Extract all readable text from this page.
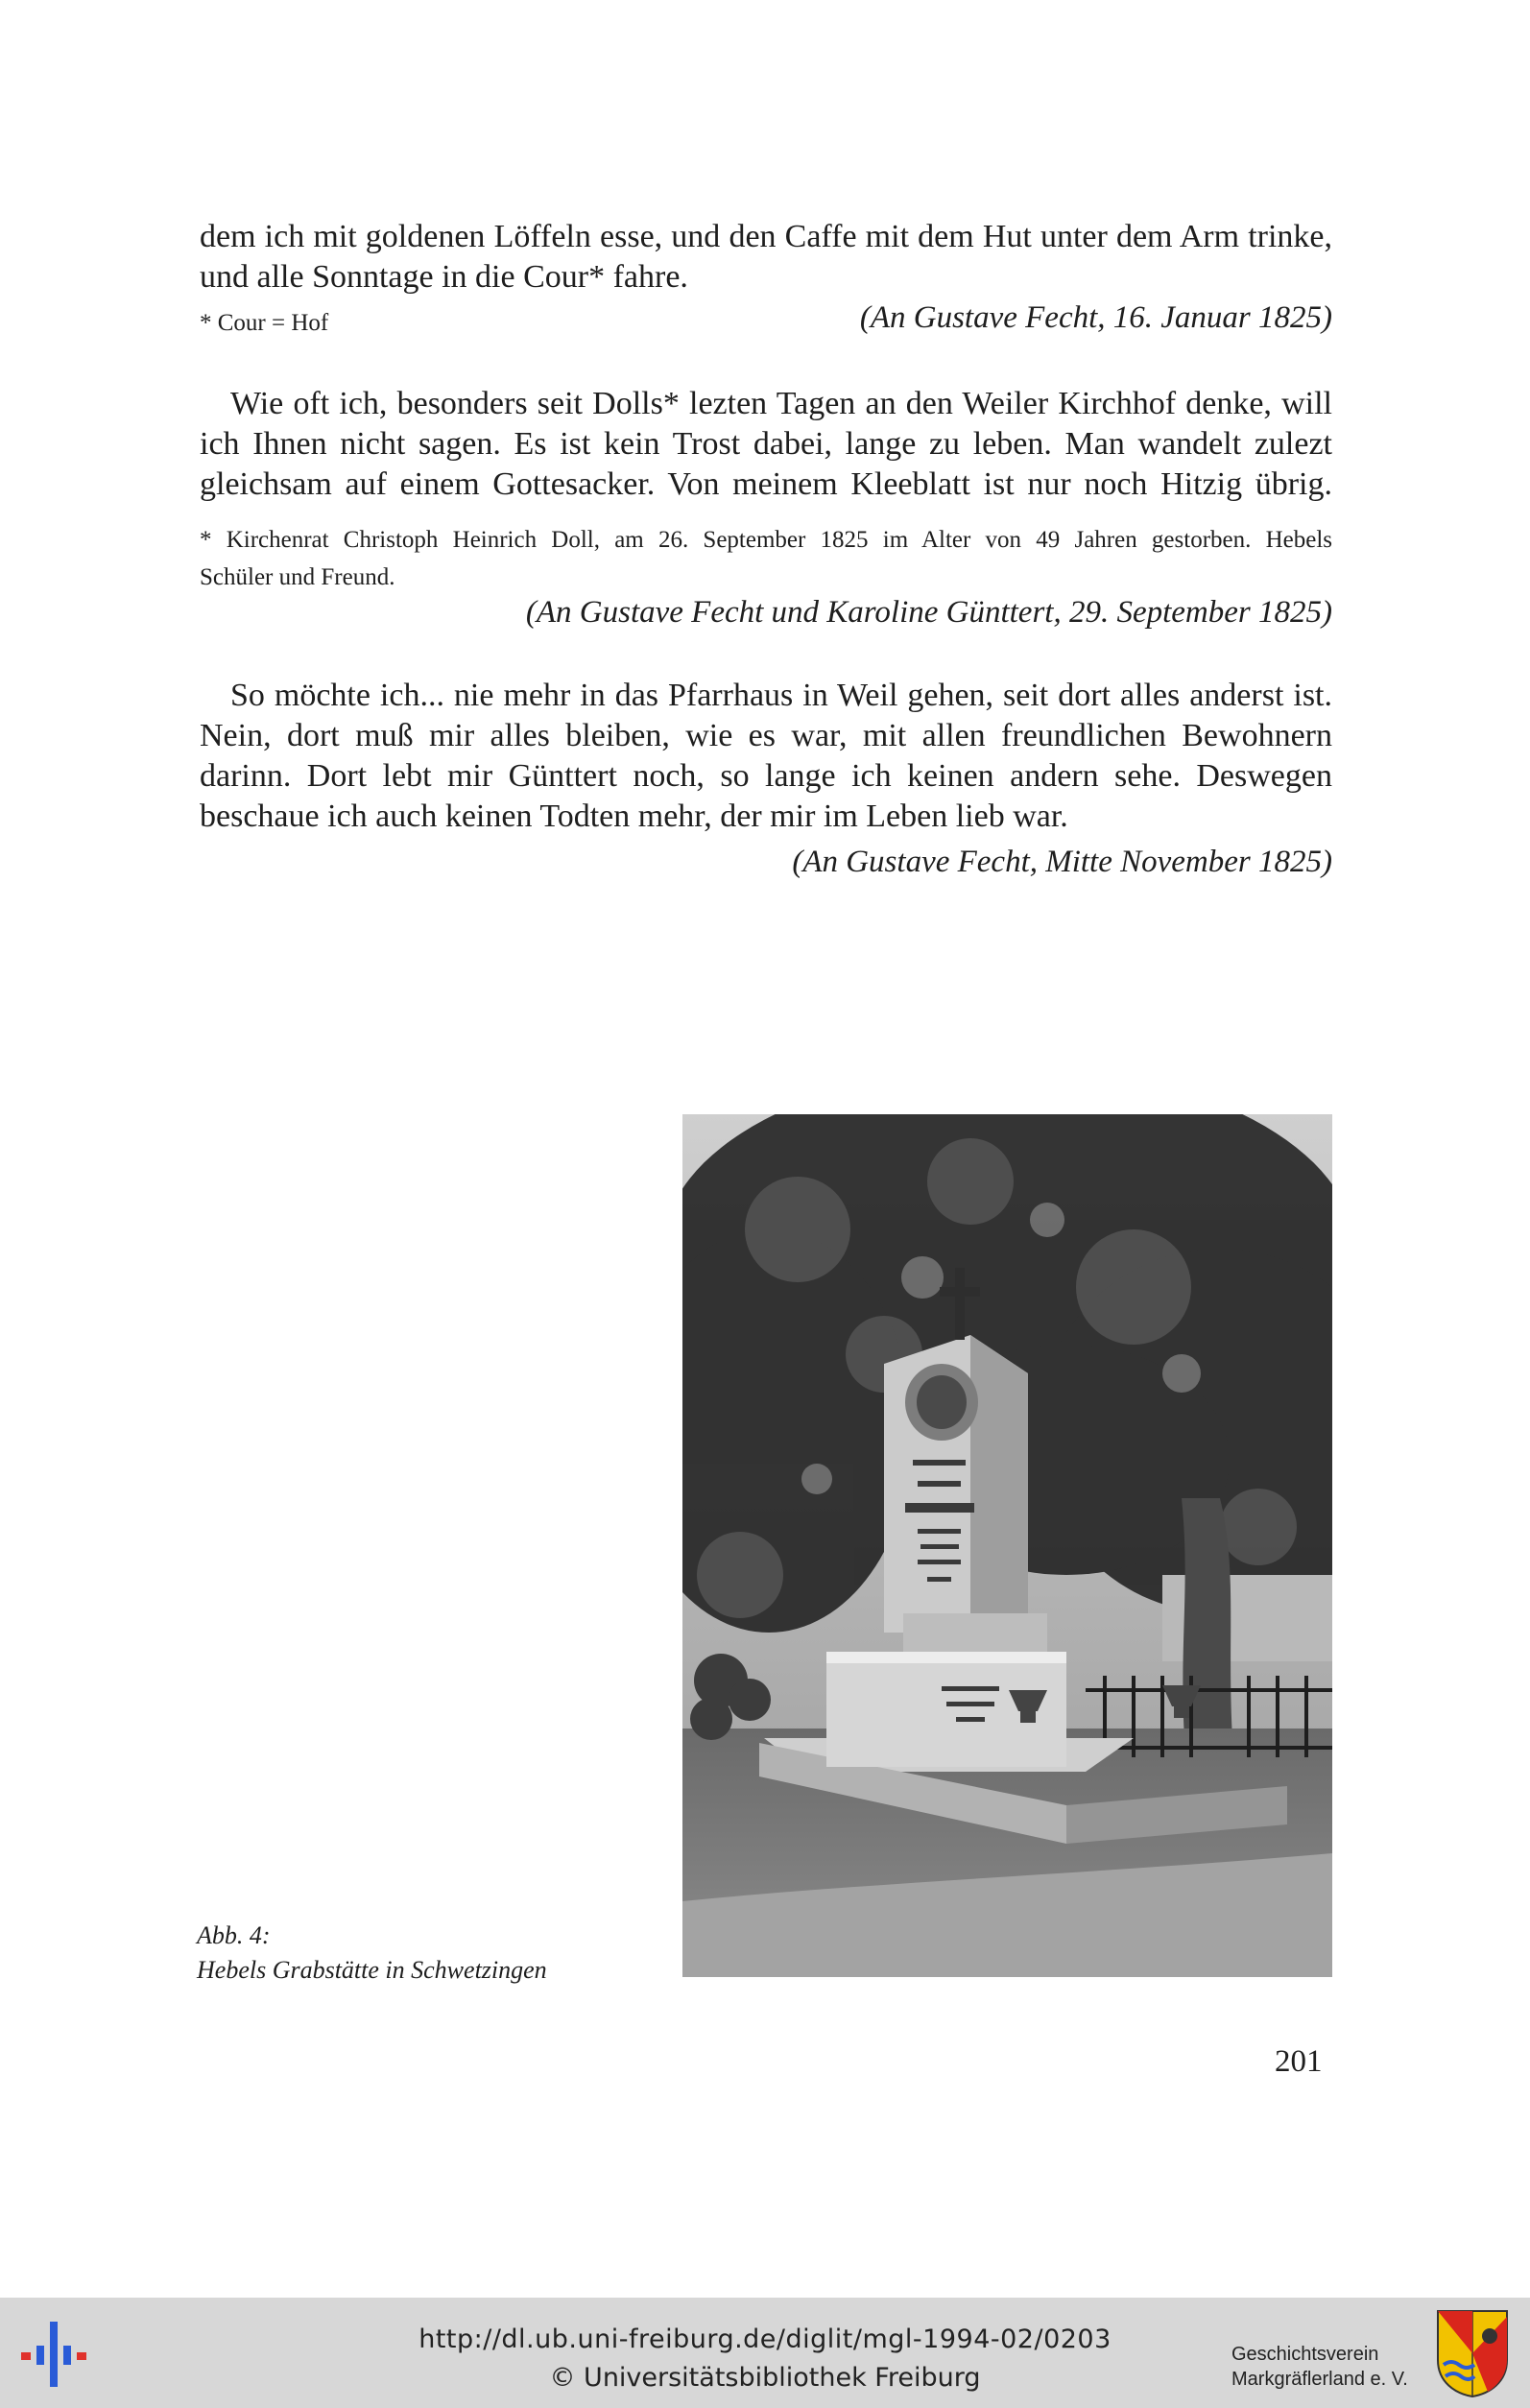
dem ich mit goldenen Löffeln esse, und den Caffe mit dem Hut unter dem Arm trinke,

und alle Sonntage in die Cour* fahre.

* Cour = Hof	(An Gustave Fecht, 16. Januar 1825)

Wie oft ich, besonders seit Dolls* lezten Tagen an den Weiler Kirchhof denke, will

ich Ihnen nicht sagen. Es ist kein Trost dabei, lange zu leben. Man wandelt zulezt

gleichsam auf einem Gottesacker. Von meinem Kleeblatt ist nur noch Hitzig übrig.

* Kirchenrat Christoph Heinrich Doll, am 26. September 1825 im Alter von 49 Jahren gestorben. Hebels

Schüler und Freund.

(An Gustave Fecht und Karoline Günttert, 29. September 1825)

So möchte ich... nie mehr in das Pfarrhaus in Weil gehen, seit dort alles anderst ist.

Nein, dort muß mir alles bleiben, wie es war, mit allen freundlichen Bewohnern

darinn. Dort lebt mir Günttert noch, so lange ich keinen andern sehe. Deswegen

beschaue ich auch keinen Todten mehr, der mir im Leben lieb war.

(An Gustave Fecht, Mitte November 1825)
Abb. 4:
Hebels Grabstätte in Schwetzingen
201
http://dl.ub.uni-freiburg.de/diglit/mgl-1994-02/0203
© Universitätsbibliothek Freiburg
Geschichtsverein
Markgräflerland e. V.
